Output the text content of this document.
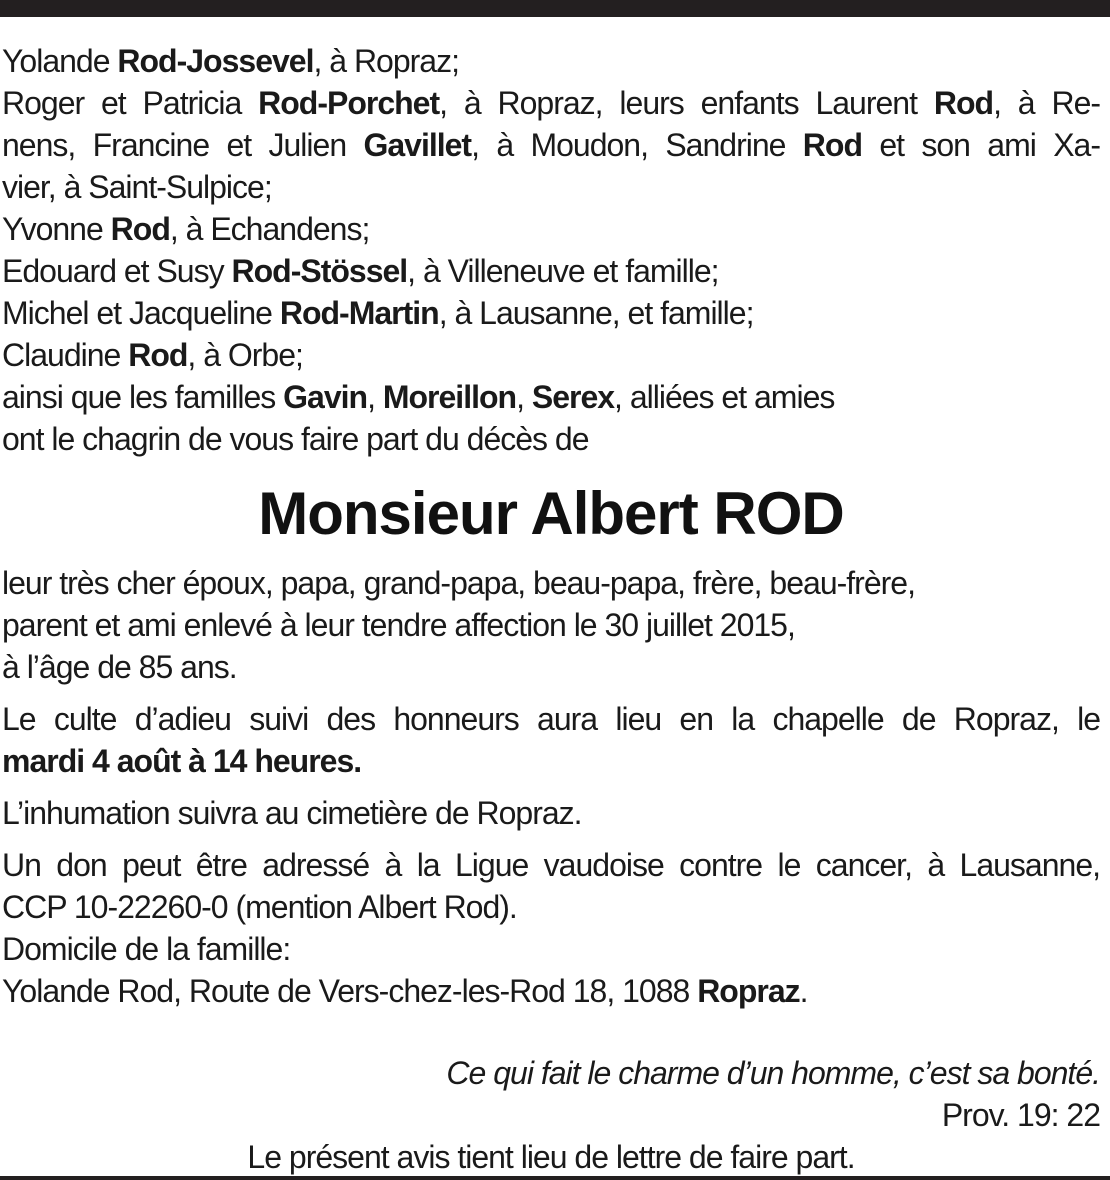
Yolande Rod-Jossevel, à Ropraz;
Roger et Patricia Rod-Porchet, à Ropraz, leurs enfants Laurent Rod, à Re-
nens, Francine et Julien Gavillet, à Moudon, Sandrine Rod et son ami Xa-
vier, à Saint-Sulpice;
Yvonne Rod, à Echandens;
Edouard et Susy Rod-Stössel, à Villeneuve et famille;
Michel et Jacqueline Rod-Martin, à Lausanne, et famille;
Claudine Rod, à Orbe;
ainsi que les familles Gavin, Moreillon, Serex, alliées et amies
ont le chagrin de vous faire part du décès de
Monsieur Albert ROD
leur très cher époux, papa, grand-papa, beau-papa, frère, beau-frère,
parent et ami enlevé à leur tendre affection le 30 juillet 2015,
à l’âge de 85 ans.
Le culte d’adieu suivi des honneurs aura lieu en la chapelle de Ropraz, le
mardi 4 août à 14 heures.
L’inhumation suivra au cimetière de Ropraz.
Un don peut être adressé à la Ligue vaudoise contre le cancer, à Lausanne,
CCP 10-22260-0 (mention Albert Rod).
Domicile de la famille:
Yolande Rod, Route de Vers-chez-les-Rod 18, 1088 Ropraz.
Ce qui fait le charme d’un homme, c’est sa bonté.
Prov. 19: 22
Le présent avis tient lieu de lettre de faire part.
